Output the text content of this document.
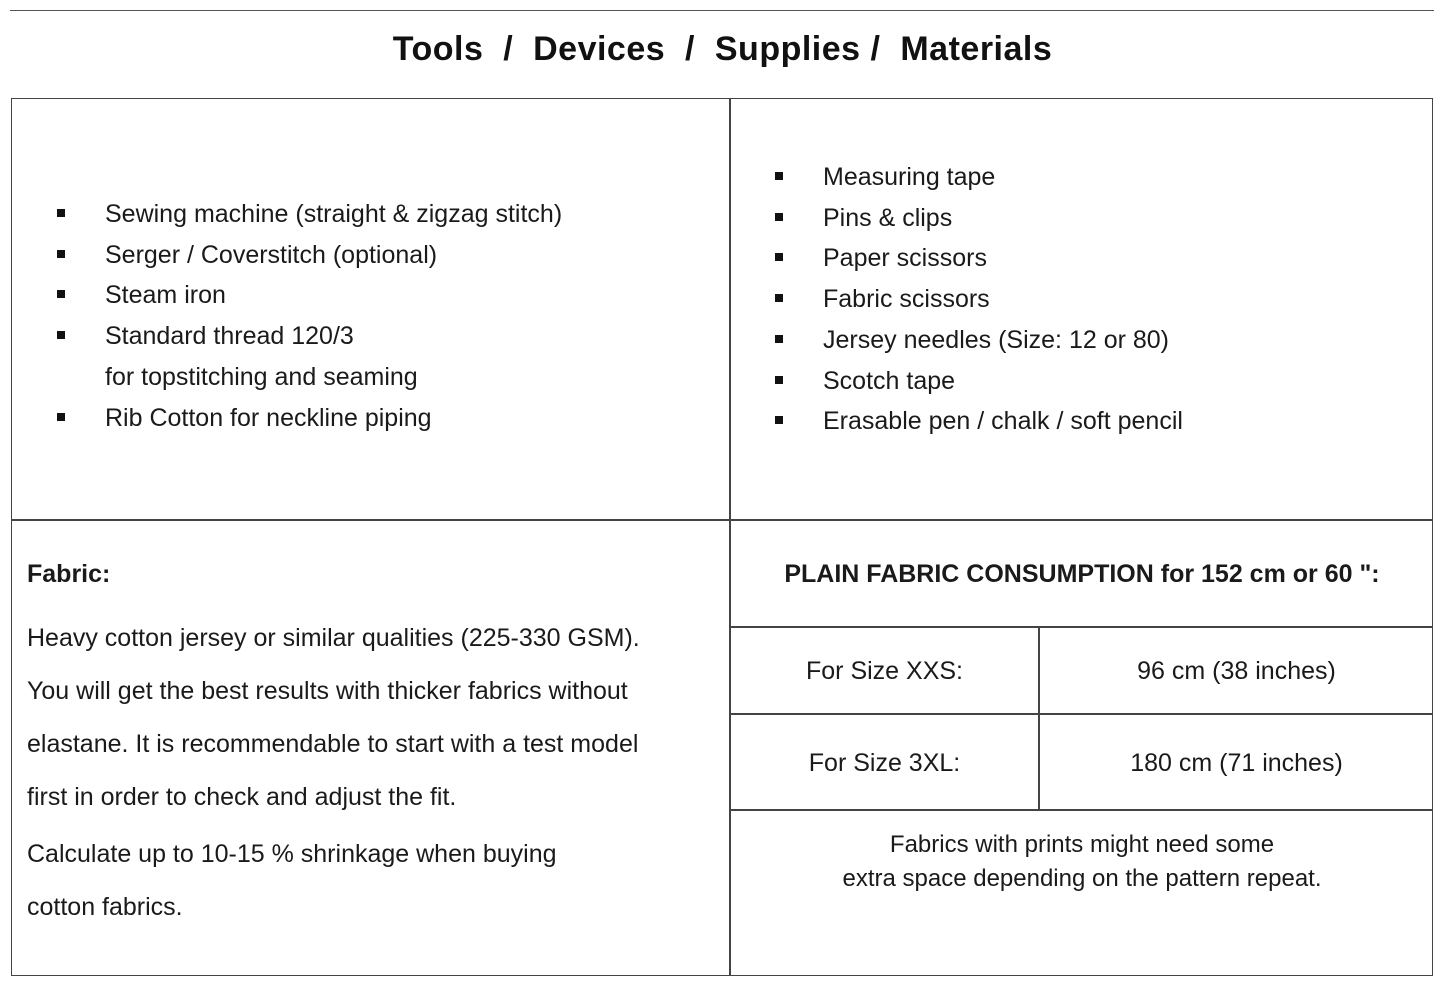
Tools  /  Devices  /  Supplies /  Materials
Sewing machine (straight & zigzag stitch)
Serger / Coverstitch (optional)
Steam iron
Standard thread 120/3
for topstitching and seaming
Rib Cotton for neckline piping
Measuring tape
Pins & clips
Paper scissors
Fabric scissors
Jersey needles (Size: 12 or 80)
Scotch tape
Erasable pen / chalk / soft pencil
Fabric:
Heavy cotton jersey or similar qualities (225-330 GSM).
You will get the best results with thicker fabrics without
elastane. It is recommendable to start with a test model
first in order to check and adjust the fit.
Calculate up to 10-15 % shrinkage when buying
cotton fabrics.
PLAIN FABRIC CONSUMPTION for 152 cm or 60 ":
For Size XXS:	96 cm (38 inches)
For Size 3XL:	180 cm (71 inches)
Fabrics with prints might need some
extra space depending on the pattern repeat.
